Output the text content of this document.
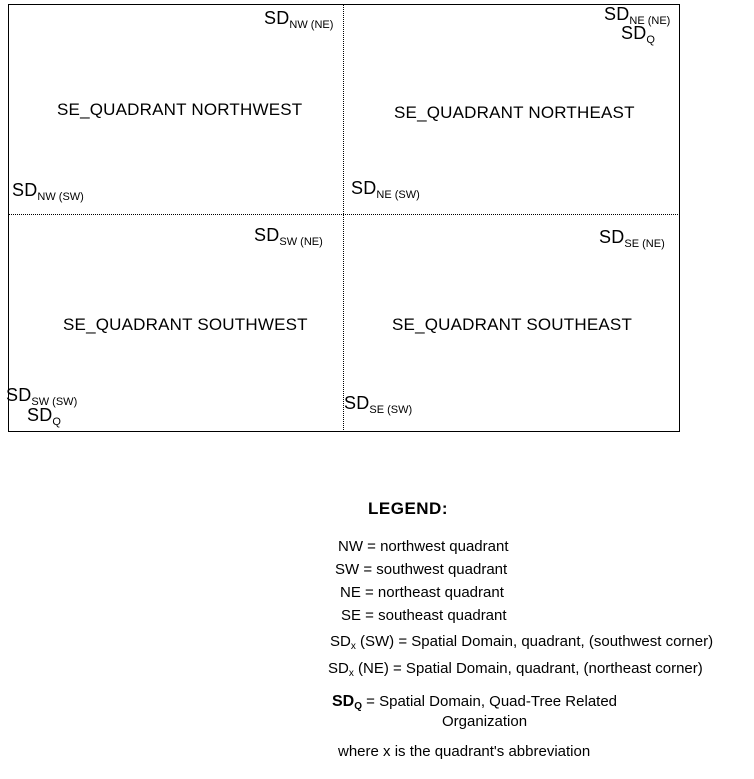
$SD_{NW (NE)}$
SE_QUADRANT NORTHWEST
$SD_{NW (SW)}$
$SD_{NE (NE)}$
$SD_Q$
SE_QUADRANT NORTHEAST
$SD_{NE (SW)}$
$SD_{SW (NE)}$
SE_QUADRANT SOUTHWEST
$SD_{SW (SW)}$
$SD_Q$
$SD_{SE (NE)}$
SE_QUADRANT SOUTHEAST
$SD_{SE (SW)}$
LEGEND:
NW = northwest quadrant
SW = southwest quadrant
NE = northeast quadrant
SE = southeast quadrant
$SD_x$ (SW) = Spatial Domain, quadrant, (southwest corner)
$SD_x$ (NE) = Spatial Domain, quadrant, (northeast corner)
$SD_Q$ = Spatial Domain, Quad-Tree Related
Organization
where x is the quadrant's abbreviation
